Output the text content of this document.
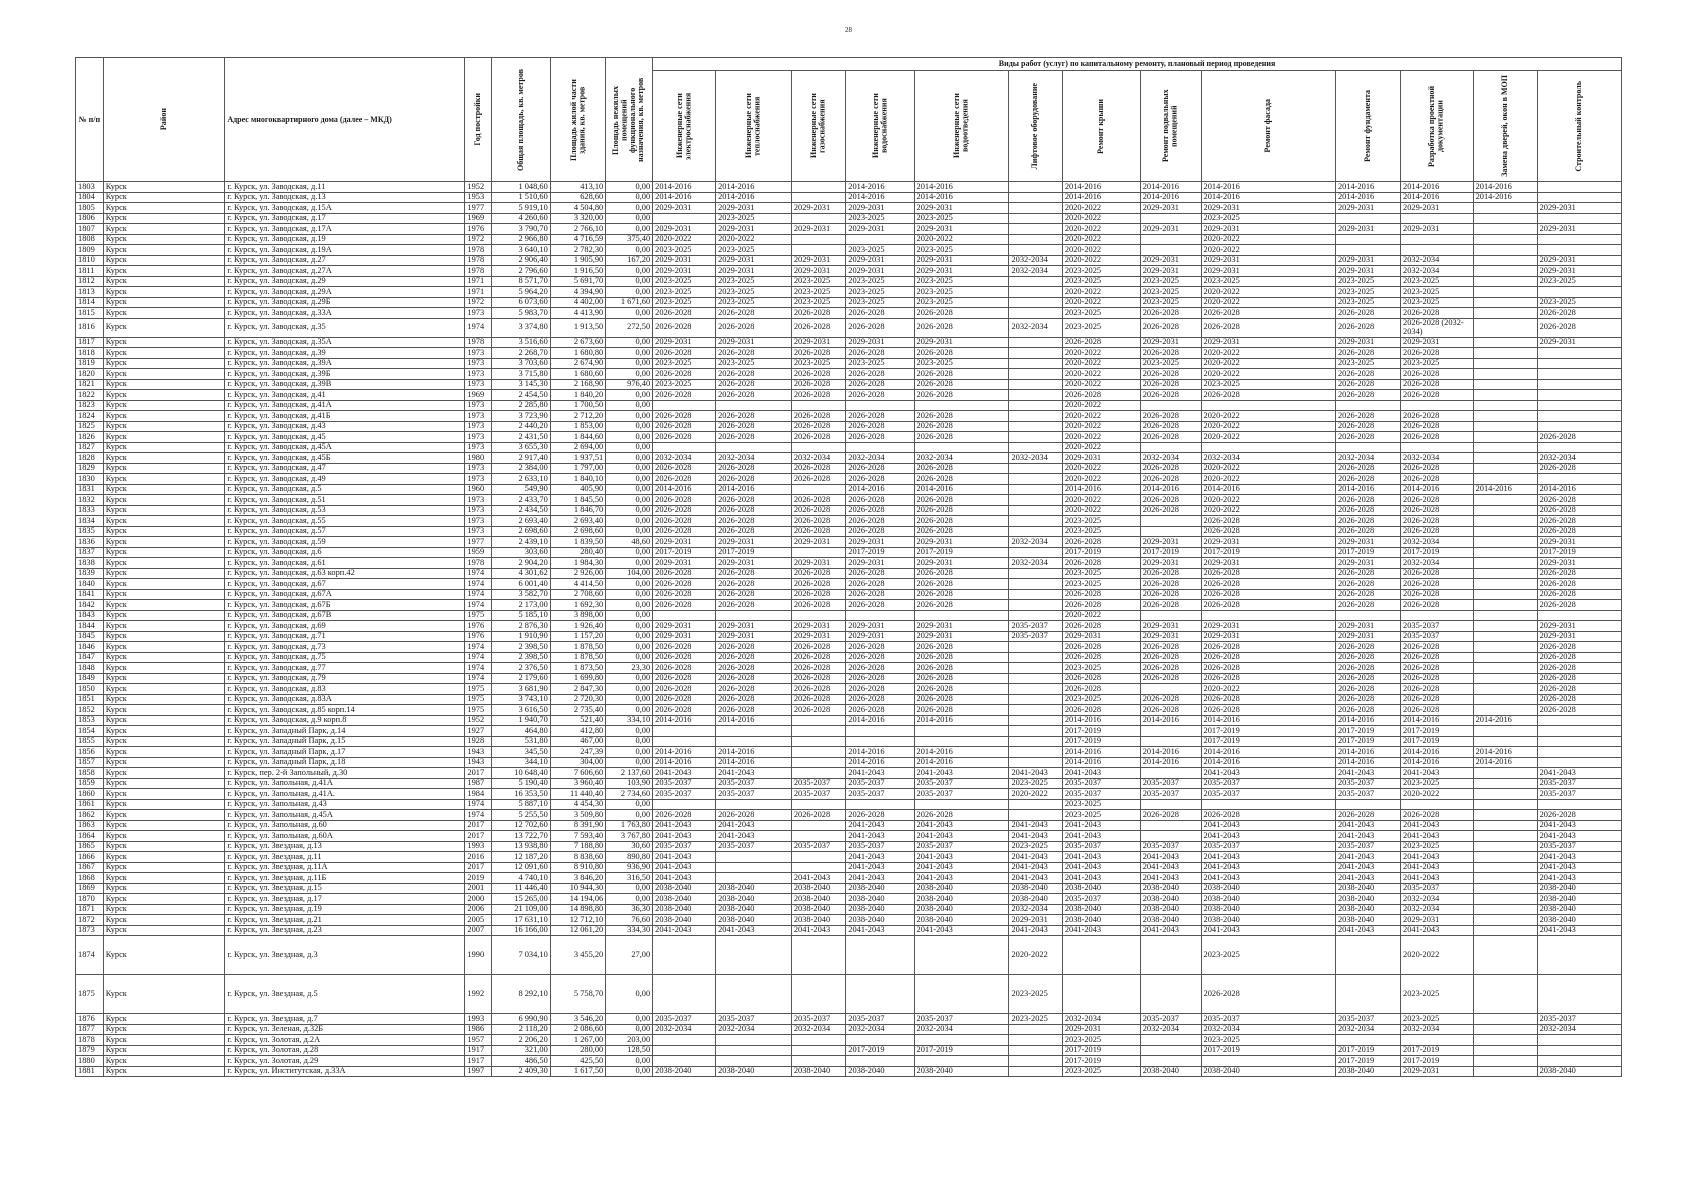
28
№ п/п	Район	Адрес многоквартирного дома (далее – МКД)	Год постройки	Общая площадь, кв. метров	Площадь жилой части здания, кв. метров	Площадь нежилых помещений функционального назначения, кв. метров	Виды работ (услуг) по капитальному ремонту, плановый период проведения												

							Инженерные сети электроснабжения	Инженерные сети теплоснабжения	Инженерные сети газоснабжения	Инженерные сети водоснабжения	Инженерные сети водоотведения	Лифтовое оборудование	Ремонт крыши	Ремонт подвальных помещений	Ремонт фасада	Ремонт фундамента	Разработка проектной документации	Замена дверей, окон в МОП	Строительный контроль

1803	Курск	г. Курск, ул. Заводская, д.11	1952	1 048,60	413,10	0,00	2014-2016	2014-2016		2014-2016	2014-2016		2014-2016	2014-2016	2014-2016	2014-2016	2014-2016	2014-2016	
1804	Курск	г. Курск, ул. Заводская, д.13	1953	1 510,60	628,60	0,00	2014-2016	2014-2016		2014-2016	2014-2016		2014-2016	2014-2016	2014-2016	2014-2016	2014-2016	2014-2016	
1805	Курск	г. Курск, ул. Заводская, д.15А	1977	5 919,10	4 504,80	0,00	2029-2031	2029-2031	2029-2031	2029-2031	2029-2031		2020-2022	2029-2031	2029-2031	2029-2031	2029-2031		2029-2031
1806	Курск	г. Курск, ул. Заводская, д.17	1969	4 260,60	3 320,00	0,00		2023-2025		2023-2025	2023-2025		2020-2022		2023-2025				
1807	Курск	г. Курск, ул. Заводская, д.17А	1976	3 790,70	2 766,10	0,00	2029-2031	2029-2031	2029-2031	2029-2031	2029-2031		2020-2022	2029-2031	2029-2031	2029-2031	2029-2031		2029-2031
1808	Курск	г. Курск, ул. Заводская, д.19	1972	2 966,80	4 716,59	375,40	2020-2022	2020-2022			2020-2022		2020-2022		2020-2022				
1809	Курск	г. Курск, ул. Заводская, д.19А	1978	3 640,10	2 782,30	0,00	2023-2025	2023-2025		2023-2025	2023-2025		2020-2022		2020-2022				
1810	Курск	г. Курск, ул. Заводская, д.27	1978	2 906,40	1 905,90	167,20	2029-2031	2029-2031	2029-2031	2029-2031	2029-2031	2032-2034	2020-2022	2029-2031	2029-2031	2029-2031	2032-2034		2029-2031
1811	Курск	г. Курск, ул. Заводская, д.27А	1978	2 796,60	1 916,50	0,00	2029-2031	2029-2031	2029-2031	2029-2031	2029-2031	2032-2034	2023-2025	2029-2031	2029-2031	2029-2031	2032-2034		2029-2031
1812	Курск	г. Курск, ул. Заводская, д.29	1971	8 571,70	5 691,70	0,00	2023-2025	2023-2025	2023-2025	2023-2025	2023-2025		2023-2025	2023-2025	2023-2025	2023-2025	2023-2025		2023-2025
1813	Курск	г. Курск, ул. Заводская, д.29А	1971	5 964,20	4 394,90	0,00	2023-2025	2023-2025	2023-2025	2023-2025	2023-2025		2020-2022	2023-2025	2020-2022	2023-2025	2023-2025		
1814	Курск	г. Курск, ул. Заводская, д.29Б	1972	6 073,60	4 402,00	1 671,60	2023-2025	2023-2025	2023-2025	2023-2025	2023-2025		2020-2022	2023-2025	2020-2022	2023-2025	2023-2025		2023-2025
1815	Курск	г. Курск, ул. Заводская, д.33А	1973	5 983,70	4 413,90	0,00	2026-2028	2026-2028	2026-2028	2026-2028	2026-2028		2023-2025	2026-2028	2026-2028	2026-2028	2026-2028		2026-2028
1816	Курск	г. Курск, ул. Заводская, д.35	1974	3 374,80	1 913,50	272,50	2026-2028	2026-2028	2026-2028	2026-2028	2026-2028	2032-2034	2023-2025	2026-2028	2026-2028	2026-2028	2026-2028 (2032-2034)		2026-2028
1817	Курск	г. Курск, ул. Заводская, д.35А	1978	3 516,60	2 673,60	0,00	2029-2031	2029-2031	2029-2031	2029-2031	2029-2031		2026-2028	2029-2031	2029-2031	2029-2031	2029-2031		2029-2031
1818	Курск	г. Курск, ул. Заводская, д.39	1973	2 268,70	1 680,80	0,00	2026-2028	2026-2028	2026-2028	2026-2028	2026-2028		2020-2022	2026-2028	2020-2022	2026-2028	2026-2028		
1819	Курск	г. Курск, ул. Заводская, д.39А	1973	3 703,60	2 674,90	0,00	2023-2025	2023-2025	2023-2025	2023-2025	2023-2025		2020-2022	2023-2025	2020-2022	2023-2025	2023-2025		
1820	Курск	г. Курск, ул. Заводская, д.39Б	1973	3 715,80	1 680,60	0,00	2026-2028	2026-2028	2026-2028	2026-2028	2026-2028		2020-2022	2026-2028	2020-2022	2026-2028	2026-2028		
1821	Курск	г. Курск, ул. Заводская, д.39В	1973	3 145,30	2 168,90	976,40	2023-2025	2026-2028	2026-2028	2026-2028	2026-2028		2020-2022	2026-2028	2023-2025	2026-2028	2026-2028		
1822	Курск	г. Курск, ул. Заводская, д.41	1969	2 454,50	1 840,20	0,00	2026-2028	2026-2028	2026-2028	2026-2028	2026-2028		2026-2028	2026-2028	2026-2028	2026-2028	2026-2028		
1823	Курск	г. Курск, ул. Заводская, д.41А	1973	2 285,80	1 700,50	0,00							2020-2022						
1824	Курск	г. Курск, ул. Заводская, д.41Б	1973	3 723,90	2 712,20	0,00	2026-2028	2026-2028	2026-2028	2026-2028	2026-2028		2020-2022	2026-2028	2020-2022	2026-2028	2026-2028		
1825	Курск	г. Курск, ул. Заводская, д.43	1973	2 440,20	1 853,00	0,00	2026-2028	2026-2028	2026-2028	2026-2028	2026-2028		2020-2022	2026-2028	2020-2022	2026-2028	2026-2028		
1826	Курск	г. Курск, ул. Заводская, д.45	1973	2 431,50	1 844,60	0,00	2026-2028	2026-2028	2026-2028	2026-2028	2026-2028		2020-2022	2026-2028	2020-2022	2026-2028	2026-2028		2026-2028
1827	Курск	г. Курск, ул. Заводская, д.45А	1973	3 655,30	2 694,00	0,00							2020-2022						
1828	Курск	г. Курск, ул. Заводская, д.45Б	1980	2 917,40	1 937,51	0,00	2032-2034	2032-2034	2032-2034	2032-2034	2032-2034	2032-2034	2029-2031	2032-2034	2032-2034	2032-2034	2032-2034		2032-2034
1829	Курск	г. Курск, ул. Заводская, д.47	1973	2 384,00	1 797,00	0,00	2026-2028	2026-2028	2026-2028	2026-2028	2026-2028		2020-2022	2026-2028	2020-2022	2026-2028	2026-2028		2026-2028
1830	Курск	г. Курск, ул. Заводская, д.49	1973	2 633,10	1 840,10	0,00	2026-2028	2026-2028	2026-2028	2026-2028	2026-2028		2020-2022	2026-2028	2020-2022	2026-2028	2026-2028		
1831	Курск	г. Курск, ул. Заводская, д.5	1960	549,90	405,90	0,00	2014-2016	2014-2016		2014-2016	2014-2016		2014-2016	2014-2016	2014-2016	2014-2016	2014-2016	2014-2016	2014-2016
1832	Курск	г. Курск, ул. Заводская, д.51	1973	2 433,70	1 845,50	0,00	2026-2028	2026-2028	2026-2028	2026-2028	2026-2028		2020-2022	2026-2028	2020-2022	2026-2028	2026-2028		2026-2028
1833	Курск	г. Курск, ул. Заводская, д.53	1973	2 434,50	1 846,70	0,00	2026-2028	2026-2028	2026-2028	2026-2028	2026-2028		2020-2022	2026-2028	2020-2022	2026-2028	2026-2028		2026-2028
1834	Курск	г. Курск, ул. Заводская, д.55	1973	2 693,40	2 693,40	0,00	2026-2028	2026-2028	2026-2028	2026-2028	2026-2028		2023-2025		2026-2028	2026-2028	2026-2028		2026-2028
1835	Курск	г. Курск, ул. Заводская, д.57	1973	2 698,60	2 698,60	0,00	2026-2028	2026-2028	2026-2028	2026-2028	2026-2028		2023-2025		2026-2028	2026-2028	2026-2028		2026-2028
1836	Курск	г. Курск, ул. Заводская, д.59	1977	2 439,10	1 839,50	48,60	2029-2031	2029-2031	2029-2031	2029-2031	2029-2031	2032-2034	2026-2028	2029-2031	2029-2031	2029-2031	2032-2034		2029-2031
1837	Курск	г. Курск, ул. Заводская, д.6	1959	303,60	280,40	0,00	2017-2019	2017-2019		2017-2019	2017-2019		2017-2019	2017-2019	2017-2019	2017-2019	2017-2019		2017-2019
1838	Курск	г. Курск, ул. Заводская, д.61	1978	2 904,20	1 984,30	0,00	2029-2031	2029-2031	2029-2031	2029-2031	2029-2031	2032-2034	2026-2028	2029-2031	2029-2031	2029-2031	2032-2034		2029-2031
1839	Курск	г. Курск, ул. Заводская, д.63 корп.42	1974	4 301,62	2 926,00	104,00	2026-2028	2026-2028	2026-2028	2026-2028	2026-2028		2023-2025	2026-2028	2026-2028	2026-2028	2026-2028		2026-2028
1840	Курск	г. Курск, ул. Заводская, д.67	1974	6 001,40	4 414,50	0,00	2026-2028	2026-2028	2026-2028	2026-2028	2026-2028		2023-2025	2026-2028	2026-2028	2026-2028	2026-2028		2026-2028
1841	Курск	г. Курск, ул. Заводская, д.67А	1974	3 582,70	2 708,60	0,00	2026-2028	2026-2028	2026-2028	2026-2028	2026-2028		2026-2028	2026-2028	2026-2028	2026-2028	2026-2028		2026-2028
1842	Курск	г. Курск, ул. Заводская, д.67Б	1974	2 173,00	1 692,30	0,00	2026-2028	2026-2028	2026-2028	2026-2028	2026-2028		2026-2028	2026-2028	2026-2028	2026-2028	2026-2028		2026-2028
1843	Курск	г. Курск, ул. Заводская, д.67В	1975	5 185,10	3 898,00	0,00							2020-2022						
1844	Курск	г. Курск, ул. Заводская, д.69	1976	2 876,30	1 926,40	0,00	2029-2031	2029-2031	2029-2031	2029-2031	2029-2031	2035-2037	2026-2028	2029-2031	2029-2031	2029-2031	2035-2037		2029-2031
1845	Курск	г. Курск, ул. Заводская, д.71	1976	1 910,90	1 157,20	0,00	2029-2031	2029-2031	2029-2031	2029-2031	2029-2031	2035-2037	2029-2031	2029-2031	2029-2031	2029-2031	2035-2037		2029-2031
1846	Курск	г. Курск, ул. Заводская, д.73	1974	2 398,50	1 878,50	0,00	2026-2028	2026-2028	2026-2028	2026-2028	2026-2028		2026-2028	2026-2028	2026-2028	2026-2028	2026-2028		2026-2028
1847	Курск	г. Курск, ул. Заводская, д.75	1974	2 398,50	1 878,50	0,00	2026-2028	2026-2028	2026-2028	2026-2028	2026-2028		2026-2028	2026-2028	2026-2028	2026-2028	2026-2028		2026-2028
1848	Курск	г. Курск, ул. Заводская, д.77	1974	2 376,50	1 873,50	23,30	2026-2028	2026-2028	2026-2028	2026-2028	2026-2028		2023-2025	2026-2028	2026-2028	2026-2028	2026-2028		2026-2028
1849	Курск	г. Курск, ул. Заводская, д.79	1974	2 179,60	1 699,80	0,00	2026-2028	2026-2028	2026-2028	2026-2028	2026-2028		2026-2028	2026-2028	2026-2028	2026-2028	2026-2028		2026-2028
1850	Курск	г. Курск, ул. Заводская, д.83	1975	3 681,90	2 847,30	0,00	2026-2028	2026-2028	2026-2028	2026-2028	2026-2028		2026-2028		2020-2022	2026-2028	2026-2028		2026-2028
1851	Курск	г. Курск, ул. Заводская, д.83А	1975	3 743,10	2 720,30	0,00	2026-2028	2026-2028	2026-2028	2026-2028	2026-2028		2023-2025	2026-2028	2026-2028	2026-2028	2026-2028		2026-2028
1852	Курск	г. Курск, ул. Заводская, д.85 корп.14	1975	3 616,50	2 735,40	0,00	2026-2028	2026-2028	2026-2028	2026-2028	2026-2028		2026-2028	2026-2028	2026-2028	2026-2028	2026-2028		2026-2028
1853	Курск	г. Курск, ул. Заводская, д.9 корп.8	1952	1 940,70	521,40	334,10	2014-2016	2014-2016		2014-2016	2014-2016		2014-2016	2014-2016	2014-2016	2014-2016	2014-2016	2014-2016	
1854	Курск	г. Курск, ул. Западный Парк, д.14	1927	464,80	412,80	0,00							2017-2019		2017-2019	2017-2019	2017-2019		
1855	Курск	г. Курск, ул. Западный Парк, д.15	1928	531,80	467,00	0,00							2017-2019		2017-2019	2017-2019	2017-2019		
1856	Курск	г. Курск, ул. Западный Парк, д.17	1943	345,50	247,39	0,00	2014-2016	2014-2016		2014-2016	2014-2016		2014-2016	2014-2016	2014-2016	2014-2016	2014-2016	2014-2016	
1857	Курск	г. Курск, ул. Западный Парк, д.18	1943	344,10	304,00	0,00	2014-2016	2014-2016		2014-2016	2014-2016		2014-2016	2014-2016	2014-2016	2014-2016	2014-2016	2014-2016	
1858	Курск	г. Курск, пер. 2-й Запольный, д.30	2017	10 648,40	7 606,60	2 137,60	2041-2043	2041-2043		2041-2043	2041-2043	2041-2043	2041-2043		2041-2043	2041-2043	2041-2043		2041-2043
1859	Курск	г. Курск, ул. Запольная, д.41А	1987	5 190,40	3 960,40	103,90	2035-2037	2035-2037	2035-2037	2035-2037	2035-2037	2023-2025	2035-2037	2035-2037	2035-2037	2035-2037	2023-2025		2035-2037
1860	Курск	г. Курск, ул. Запольная, д.41А.	1984	16 353,50	11 440,40	2 734,60	2035-2037	2035-2037	2035-2037	2035-2037	2035-2037	2020-2022	2035-2037	2035-2037	2035-2037	2035-2037	2020-2022		2035-2037
1861	Курск	г. Курск, ул. Запольная, д.43	1974	5 887,10	4 454,30	0,00							2023-2025						
1862	Курск	г. Курск, ул. Запольная, д.45А	1974	5 255,50	3 509,80	0,00	2026-2028	2026-2028	2026-2028	2026-2028	2026-2028		2023-2025	2026-2028	2026-2028	2026-2028	2026-2028		2026-2028
1863	Курск	г. Курск, ул. Запольная, д.60	2017	12 702,60	8 391,90	1 763,80	2041-2043	2041-2043		2041-2043	2041-2043	2041-2043	2041-2043		2041-2043	2041-2043	2041-2043		2041-2043
1864	Курск	г. Курск, ул. Запольная, д.60А	2017	13 722,70	7 593,40	3 767,80	2041-2043	2041-2043		2041-2043	2041-2043	2041-2043	2041-2043		2041-2043	2041-2043	2041-2043		2041-2043
1865	Курск	г. Курск, ул. Звездная, д.13	1993	13 938,80	7 188,80	30,60	2035-2037	2035-2037	2035-2037	2035-2037	2035-2037	2023-2025	2035-2037	2035-2037	2035-2037	2035-2037	2023-2025		2035-2037
1866	Курск	г. Курск, ул. Звездная, д.11	2016	12 187,20	8 838,60	890,80	2041-2043			2041-2043	2041-2043	2041-2043	2041-2043	2041-2043	2041-2043	2041-2043	2041-2043		2041-2043
1867	Курск	г. Курск, ул. Звездная, д.11А	2017	12 091,60	8 910,80	936,90	2041-2043			2041-2043	2041-2043	2041-2043	2041-2043	2041-2043	2041-2043	2041-2043	2041-2043		2041-2043
1868	Курск	г. Курск, ул. Звездная, д.11Б	2019	4 740,10	3 846,20	316,50	2041-2043		2041-2043	2041-2043	2041-2043	2041-2043	2041-2043	2041-2043	2041-2043	2041-2043	2041-2043		2041-2043
1869	Курск	г. Курск, ул. Звездная, д.15	2001	11 446,40	10 944,30	0,00	2038-2040	2038-2040	2038-2040	2038-2040	2038-2040	2038-2040	2038-2040	2038-2040	2038-2040	2038-2040	2035-2037		2038-2040
1870	Курск	г. Курск, ул. Звездная, д.17	2000	15 265,00	14 194,06	0,00	2038-2040	2038-2040	2038-2040	2038-2040	2038-2040	2038-2040	2035-2037	2038-2040	2038-2040	2038-2040	2032-2034		2038-2040
1871	Курск	г. Курск, ул. Звездная, д.19	2006	21 109,00	14 898,80	36,30	2038-2040	2038-2040	2038-2040	2038-2040	2038-2040	2032-2034	2038-2040	2038-2040	2038-2040	2038-2040	2032-2034		2038-2040
1872	Курск	г. Курск, ул. Звездная, д.21	2005	17 631,10	12 712,10	76,60	2038-2040	2038-2040	2038-2040	2038-2040	2038-2040	2029-2031	2038-2040	2038-2040	2038-2040	2038-2040	2029-2031		2038-2040
1873	Курск	г. Курск, ул. Звездная, д.23	2007	16 166,00	12 061,20	334,30	2041-2043	2041-2043	2041-2043	2041-2043	2041-2043	2041-2043	2041-2043	2041-2043	2041-2043	2041-2043	2041-2043		2041-2043
1874	Курск	г. Курск, ул. Звездная, д.3	1990	7 034,10	3 455,20	27,00						2020-2022			2023-2025		2020-2022		
1875	Курск	г. Курск, ул. Звездная, д.5	1992	8 292,10	5 758,70	0,00						2023-2025			2026-2028		2023-2025		
1876	Курск	г. Курск, ул. Звездная, д.7	1993	6 990,90	3 546,20	0,00	2035-2037	2035-2037	2035-2037	2035-2037	2035-2037	2023-2025	2032-2034	2035-2037	2035-2037	2035-2037	2023-2025		2035-2037
1877	Курск	г. Курск, ул. Зеленая, д.32Б	1986	2 118,20	2 086,60	0,00	2032-2034	2032-2034	2032-2034	2032-2034	2032-2034		2029-2031	2032-2034	2032-2034	2032-2034	2032-2034		2032-2034
1878	Курск	г. Курск, ул. Золотая, д.2А	1957	2 206,20	1 267,00	203,00							2023-2025		2023-2025				
1879	Курск	г. Курск, ул. Золотая, д.28	1917	321,00	280,00	128,50				2017-2019	2017-2019		2017-2019		2017-2019	2017-2019	2017-2019		
1880	Курск	г. Курск, ул. Золотая, д.29	1917	486,50	425,50	0,00							2017-2019			2017-2019	2017-2019		
1881	Курск	г. Курск, ул. Институтская, д.33А	1997	2 409,30	1 617,50	0,00	2038-2040	2038-2040	2038-2040	2038-2040	2038-2040		2023-2025	2038-2040	2038-2040	2038-2040	2029-2031		2038-2040
